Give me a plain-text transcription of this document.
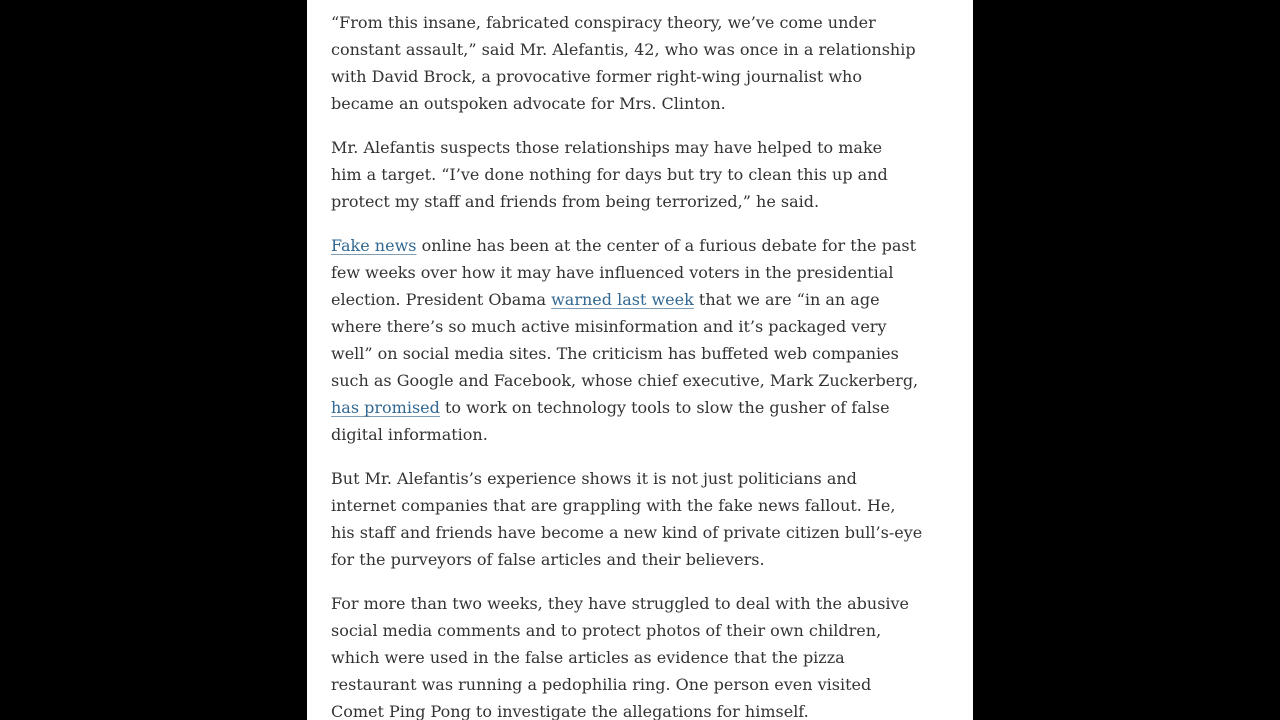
“From this insane, fabricated conspiracy theory, we’ve come under
constant assault,” said Mr. Alefantis, 42, who was once in a relationship
with David Brock, a provocative former right-wing journalist who
became an outspoken advocate for Mrs. Clinton.

Mr. Alefantis suspects those relationships may have helped to make
him a target. “I’ve done nothing for days but try to clean this up and
protect my staff and friends from being terrorized,” he said.

Fake news online has been at the center of a furious debate for the past
few weeks over how it may have influenced voters in the presidential
election. President Obama warned last week that we are “in an age
where there’s so much active misinformation and it’s packaged very
well” on social media sites. The criticism has buffeted web companies
such as Google and Facebook, whose chief executive, Mark Zuckerberg,
has promised to work on technology tools to slow the gusher of false
digital information.

But Mr. Alefantis’s experience shows it is not just politicians and
internet companies that are grappling with the fake news fallout. He,
his staff and friends have become a new kind of private citizen bull’s-eye
for the purveyors of false articles and their believers.

For more than two weeks, they have struggled to deal with the abusive
social media comments and to protect photos of their own children,
which were used in the false articles as evidence that the pizza
restaurant was running a pedophilia ring. One person even visited
Comet Ping Pong to investigate the allegations for himself.
